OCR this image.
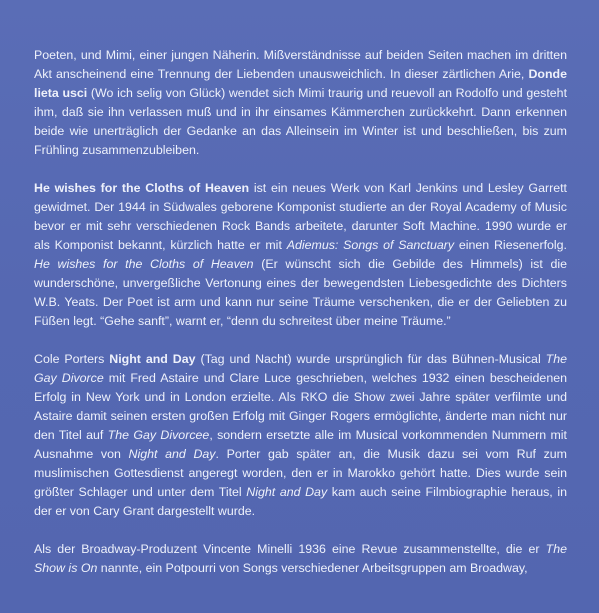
Poeten, und Mimi, einer jungen Näherin. Mißverständnisse auf beiden Seiten machen im dritten Akt anscheinend eine Trennung der Liebenden unausweichlich. In dieser zärtlichen Arie, Donde lieta usci (Wo ich selig von Glück) wendet sich Mimi traurig und reuevoll an Rodolfo und gesteht ihm, daß sie ihn verlassen muß und in ihr einsames Kämmerchen zurückkehrt. Dann erkennen beide wie unerträglich der Gedanke an das Alleinsein im Winter ist und beschließen, bis zum Frühling zusammenzubleiben.

He wishes for the Cloths of Heaven ist ein neues Werk von Karl Jenkins und Lesley Garrett gewidmet. Der 1944 in Südwales geborene Komponist studierte an der Royal Academy of Music bevor er mit sehr verschiedenen Rock Bands arbeitete, darunter Soft Machine. 1990 wurde er als Komponist bekannt, kürzlich hatte er mit Adiemus: Songs of Sanctuary einen Riesenerfolg. He wishes for the Cloths of Heaven (Er wünscht sich die Gebilde des Himmels) ist die wunderschöne, unvergeßliche Vertonung eines der bewegendsten Liebesgedichte des Dichters W.B. Yeats. Der Poet ist arm und kann nur seine Träume verschenken, die er der Geliebten zu Füßen legt. “Gehe sanft”, warnt er, “denn du schreitest über meine Träume.”

Cole Porters Night and Day (Tag und Nacht) wurde ursprünglich für das Bühnen-Musical The Gay Divorce mit Fred Astaire und Clare Luce geschrieben, welches 1932 einen bescheidenen Erfolg in New York und in London erzielte. Als RKO die Show zwei Jahre später verfilmte und Astaire damit seinen ersten großen Erfolg mit Ginger Rogers ermöglichte, änderte man nicht nur den Titel auf The Gay Divorcee, sondern ersetzte alle im Musical vorkommenden Nummern mit Ausnahme von Night and Day. Porter gab später an, die Musik dazu sei vom Ruf zum muslimischen Gottesdienst angeregt worden, den er in Marokko gehört hatte. Dies wurde sein größter Schlager und unter dem Titel Night and Day kam auch seine Filmbiographie heraus, in der er von Cary Grant dargestellt wurde.

Als der Broadway-Produzent Vincente Minelli 1936 eine Revue zusammenstellte, die er The Show is On nannte, ein Potpourri von Songs verschiedener Arbeitsgruppen am Broadway,
